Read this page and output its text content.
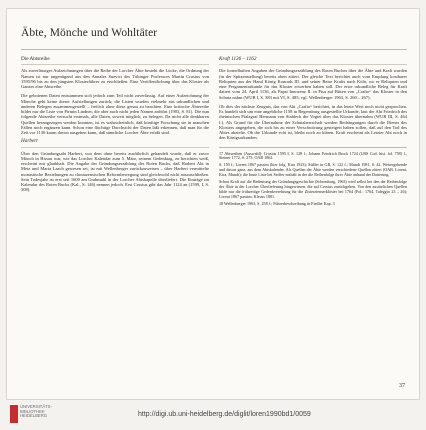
Äbte, Mönche und Wohltäter
Die Abtsreihe

Als zuverlässiger Aufzeichnungen über die Reihe der Lorcher Äbte besteht die Lücke, die Ordnung der Namen ist nur ungenügend aus den Annales Suevici des Tübinger Professors Martin Crusius von 1595/96 bis zu den jüngsten Klosterführer zu erschließen. Eine Veröffentlichung über das Kloster als Ganzes eine Abtsreihe.

Die gebotenen Daten entstammen sich jedoch zum Teil nicht zuverlässig. Auf einer Aufzeichnung der Mönche geht keine dieser Aufstellungen zurück; die Listen wurden vielmehr aus urkundlichen und anderen Belegen zusammengestellt – freilich ohne diese genau zu beachten. Eine kritische Äbtereihe bildet nur die Liste von Pirmin Lindner, die aber auch nicht jeden Namen anführt (1903, S. 81). Die nun folgende Abtsreihe versucht erstmals, alle Daten, soweit möglich, zu belegen. Da nicht alle denkbaren Quellen herangezogen werden konnten, ist es wahrscheinlich, daß künftige Forschung sie in manchen Fällen noch ergänzen kann. Schon eine flüchtige Durchsicht der Daten läßt erkennen, daß man für die Zeit vor 1136 kaum davon ausgehen kann, daß sämtliche Lorcher Äbte erfaßt sind.

Harbert

Über den Gründungsabt Harbert, von dem ohne bereits ausführlich gehandelt wurde, daß er zuvor Mönch in Hirsau war, wie das Lorcher Kalendar zum 5. März, seinem Gedenktag, zu berichten weiß, erscheint mir glaubhaft. Die Angabe der Gründungserzählung des Roten Buchs, daß Harbert Abt in Metz und Maria Laach gewesen sei, ist mit Wellenberger zurückzuweisen – über Harbert vermittelte monastische Beziehungen zu cluniazensischen Reformbewegung sind gleichwohl nicht auszuschließen. Sein Todesjahr ist erst seit 1600 am Grabmahl in der Lorcher Abtskapelle überliefert. Die Einträge im Kalendar des Roten Buchs (Kal., S. 146) nennen jedoch. Erst Crusius gibt das Jahr 1124 an (1599, I, S. 308).

Kraft 1136 – 1162

Die formelhaften Angaben der Gründungserzählung des Roten Buches über die Äbte und Kraft wurden (in der Spitzenstellung) bereits oben zitiert. Der gleiche Text berichtet auch vom Empfang kostbarer Reliquien aus der Hand König Konrads III. und seiner Reise Krafts nach Köln, wo er Reliquien und eine Pergamenturkunde für das Kloster erwerben haben soll. Der erste urkundliche Beleg für Kraft datiert vom 24. April 1136, als Papst Innozenz II. in Pisa auf Bitten von „Crafto“ das Kloster in den Schutz nahm (WUB I, S. 383 mit VI, S. 485; vgl. Wellenberger 1963, S. 260 – 267).

Ob dies der nächste Zeugnis, das von Abt „Crafto“ berichtet, in das letzte Wert noch nicht gesprochen. Es handelt sich um eine angebliche 1158 in Regensburg ausgestellte Urkunde, laut der Abt Friedrich des rheinischen Pfalzgraf Hermann von Stahleck die Vogtei über das Kloster übernahm (WUB III, S. 464 f.). Als Grund für die Übernahme der Schutzherrschaft werden Bedrängungen durch die Diener des Klosters angegeben, die sich bis zu einer Verschwörung gesteigert haben sollen, daß auf den Tod des Abtes abzielte. Ob die Urkunde echt ist, bleibt noch zu klären. Kraft erscheint als Letzter Abt noch in den Königsurkunden.

17 Abtsreihen (Auswahl): Crusius 1595 I, S. 128 f.; Johann Friedrich Brock 1724 (LBS Cod. hist. fol. 758) f., Steiner 1772, S. 275; OAB 1862.

S. 150 f.; Lorent 1867 passim (hier folg. Kira 1923); Süßler in GB, S. 122 f.; Mundt 1981, S. 42. Weitergehende und davon ganz, aus dem Abtskalender. Als Quellen der Äbte werden verschiedene Quellen zitiert (OAB, Lorent, Kira, Mundt); die beste Liste bei Seiffer enthält in der die Reihenfolge ihrer Äbte anhand der Datierung.

Schon Kraft auf die Bedeutung der Gründungsgeschichte (Schomburg, 1963) wird selbst bei den der Reihenfolge der Äbte in der Lorcher Überlieferung hingewiesen, die auf Crusius zurückgehen. Von den zusätzlichen Quellen bilde nur die frühzeitige Gedenkverehrung für die Zisterzienserklöster bei 1764 (Fol.: 1764, Taleggio 23 – 26); Lorent 1867 passim; Kleuss 1881.

18 Wellenberger 1963, S. 258 f.; Führerbeschreibung in Fiedler Kap. 3

37
UNIVERSITÄTS-
BIBLIOTHEK
HEIDELBERG	http://digi.ub.uni-heidelberg.de/diglit/loren1990bd1/0059
